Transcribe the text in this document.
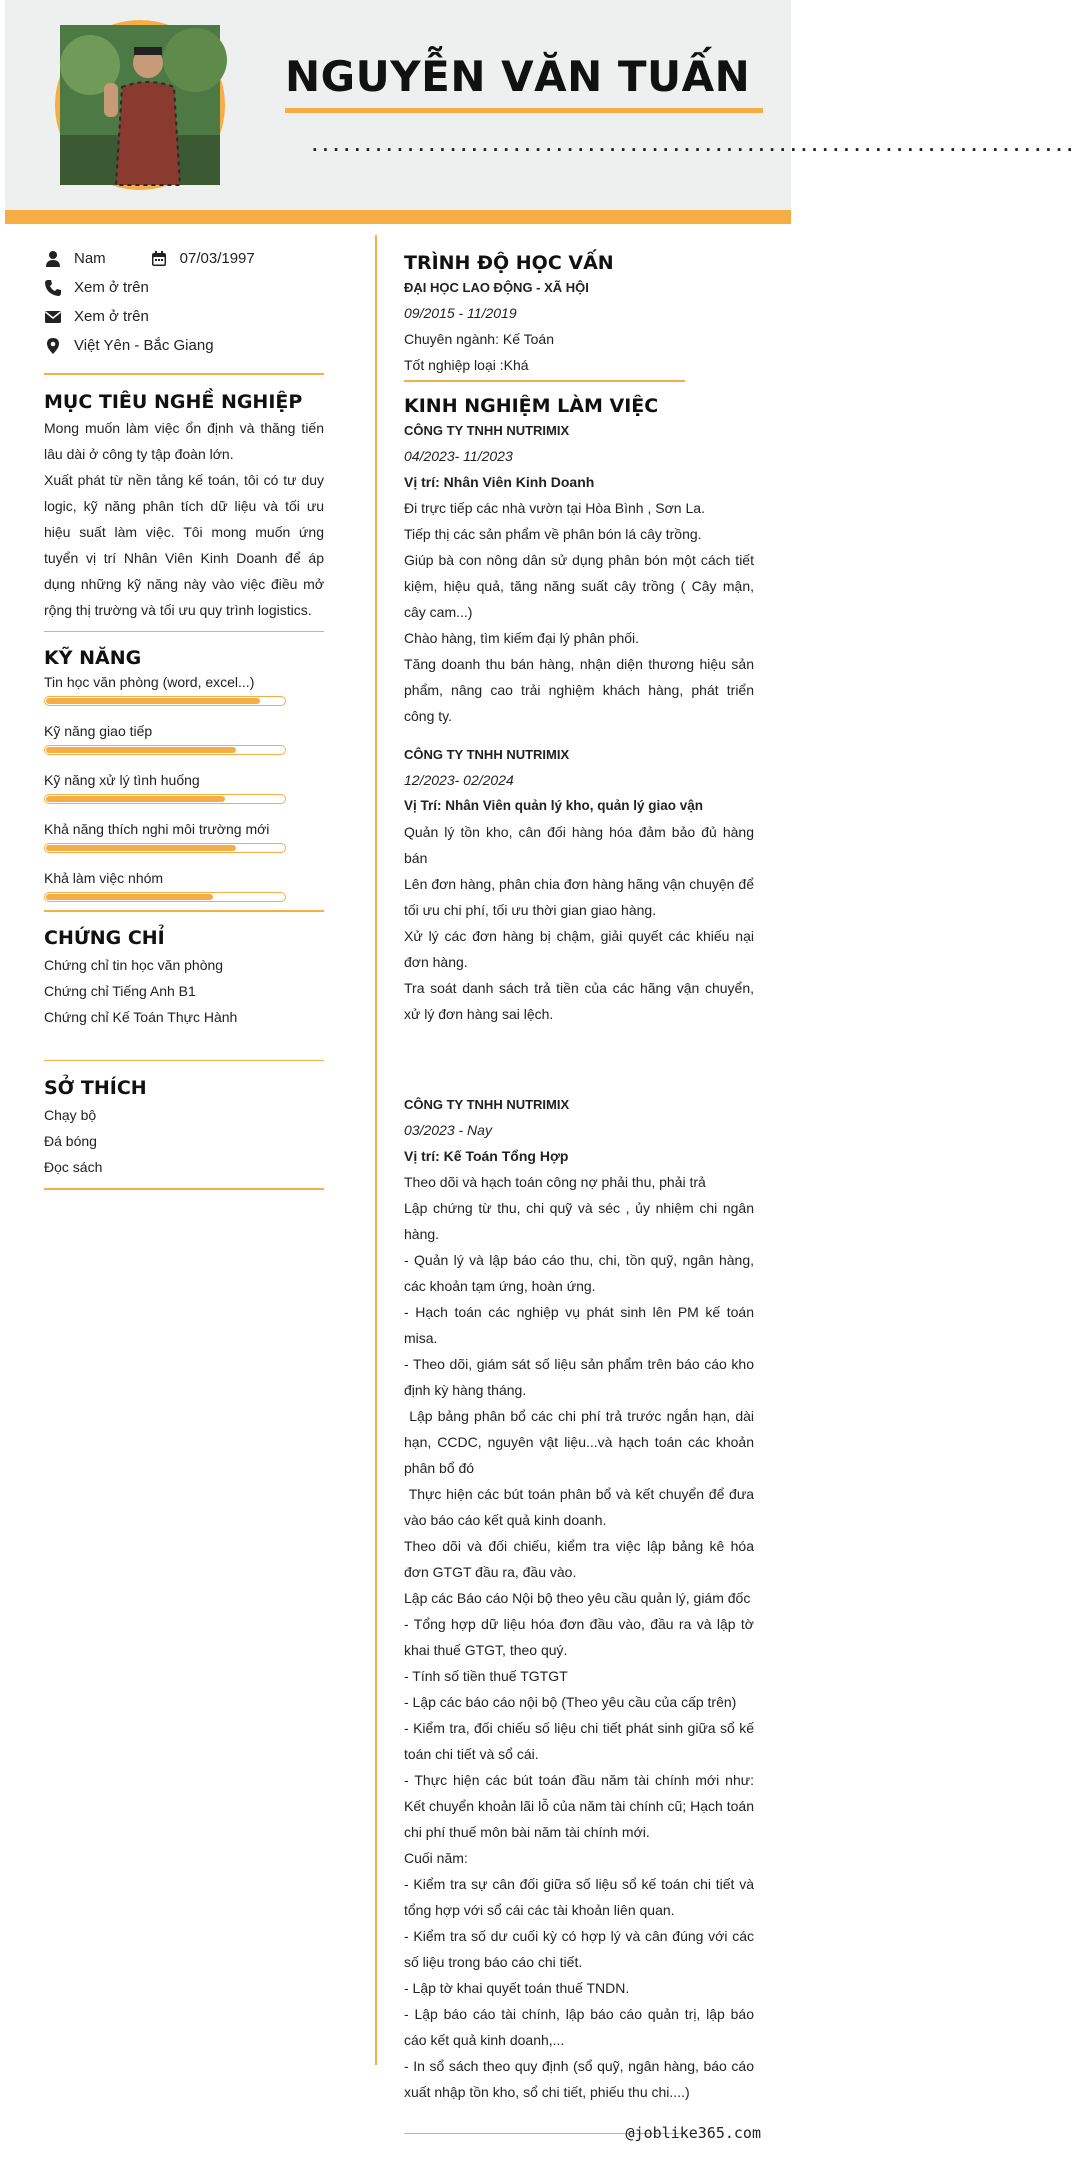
NGUYỄN VĂN TUẤN
........................................................................
Nam	07/03/1997
Xem ở trên
Xem ở trên
Việt Yên - Bắc Giang
MỤC TIÊU NGHỀ NGHIỆP

Mong muốn làm việc ổn định và thăng tiến lâu dài ở công ty tập đoàn lớn.

Xuất phát từ nền tảng kế toán, tôi có tư duy logic, kỹ năng phân tích dữ liệu và tối ưu hiệu suất làm việc. Tôi mong muốn ứng tuyển vị trí Nhân Viên Kinh Doanh để áp dụng những kỹ năng này vào việc điều mở rộng thị trường và tối ưu quy trình logistics.

KỸ NĂNG
Tin học văn phòng (word, excel...)
Kỹ năng giao tiếp
Kỹ năng xử lý tình huống
Khả năng thích nghi môi trường mới
Khả làm việc nhóm
CHỨNG CHỈ
Chứng chỉ tin học văn phòng
Chứng chỉ Tiếng Anh B1
Chứng chỉ Kế Toán Thực Hành
SỞ THÍCH
Chạy bộ
Đá bóng
Đọc sách
TRÌNH ĐỘ HỌC VẤN
ĐẠI HỌC LAO ĐỘNG - XÃ HỘI
09/2015 - 11/2019
Chuyên ngành: Kế Toán
Tốt nghiệp loại :Khá
KINH NGHIỆM LÀM VIỆC
CÔNG TY TNHH NUTRIMIX
04/2023- 11/2023
Vị trí: Nhân Viên Kinh Doanh

Đi trực tiếp các nhà vườn tại Hòa Bình , Sơn La.

Tiếp thị các sản phẩm về phân bón lá cây trồng.

Giúp bà con nông dân sử dụng phân bón một cách tiết kiệm, hiệu quả, tăng năng suất cây trồng ( Cây mận, cây cam...)

Chào hàng, tìm kiếm đại lý phân phối.

Tăng doanh thu bán hàng, nhận diện thương hiệu sản phẩm, nâng cao trải nghiệm khách hàng, phát triển công ty.

CÔNG TY TNHH NUTRIMIX
12/2023- 02/2024
Vị Trí: Nhân Viên quản lý kho, quản lý giao vận

Quản lý tồn kho, cân đối hàng hóa đảm bảo đủ hàng bán

Lên đơn hàng, phân chia đơn hàng hãng vận chuyện để tối ưu chi phí, tối ưu thời gian giao hàng.

Xử lý các đơn hàng bị chậm, giải quyết các khiếu nại đơn hàng.

Tra soát danh sách trả tiền của các hãng vận chuyển, xử lý đơn hàng sai lệch.

CÔNG TY TNHH NUTRIMIX
03/2023 - Nay
Vị trí: Kế Toán Tổng Hợp

Theo dõi và hạch toán công nợ phải thu, phải trả

Lập chứng từ thu, chi quỹ và séc , ủy nhiệm chi ngân hàng.

- Quản lý và lập báo cáo thu, chi, tồn quỹ, ngân hàng, các khoản tạm ứng, hoàn ứng.

- Hạch toán các nghiệp vụ phát sinh lên PM kế toán misa.

- Theo dõi, giám sát số liệu sản phẩm trên báo cáo kho định kỳ hàng tháng.

Lập bảng phân bổ các chi phí trả trước ngắn hạn, dài hạn, CCDC, nguyên vật liệu...và hạch toán các khoản phân bổ đó

Thực hiện các bút toán phân bổ và kết chuyển để đưa vào báo cáo kết quả kinh doanh.

Theo dõi và đối chiếu, kiểm tra việc lập bảng kê hóa đơn GTGT đầu ra, đầu vào.

Lập các Báo cáo Nội bộ theo yêu cầu quản lý, giám đốc

- Tổng hợp dữ liệu hóa đơn đầu vào, đầu ra và lập tờ khai thuế GTGT, theo quý.

- Tính số tiền thuế TGTGT

- Lập các báo cáo nội bộ (Theo yêu cầu của cấp trên)

- Kiểm tra, đối chiếu số liệu chi tiết phát sinh giữa sổ kế toán chi tiết và sổ cái.

- Thực hiện các bút toán đầu năm tài chính mới như: Kết chuyển khoản lãi lỗ của năm tài chính cũ; Hạch toán chi phí thuế môn bài năm tài chính mới.

Cuối năm:

- Kiểm tra sự cân đối giữa số liệu sổ kế toán chi tiết và tổng hợp với sổ cái các tài khoản liên quan.

- Kiểm tra số dư cuối kỳ có hợp lý và cân đúng với các số liệu trong báo cáo chi tiết.

- Lập tờ khai quyết toán thuế TNDN.

- Lập báo cáo tài chính, lập báo cáo quản trị, lập báo cáo kết quả kinh doanh,...

- In sổ sách theo quy định (sổ quỹ, ngân hàng, báo cáo xuất nhập tồn kho, sổ chi tiết, phiếu thu chi....)

@joblike365.com
